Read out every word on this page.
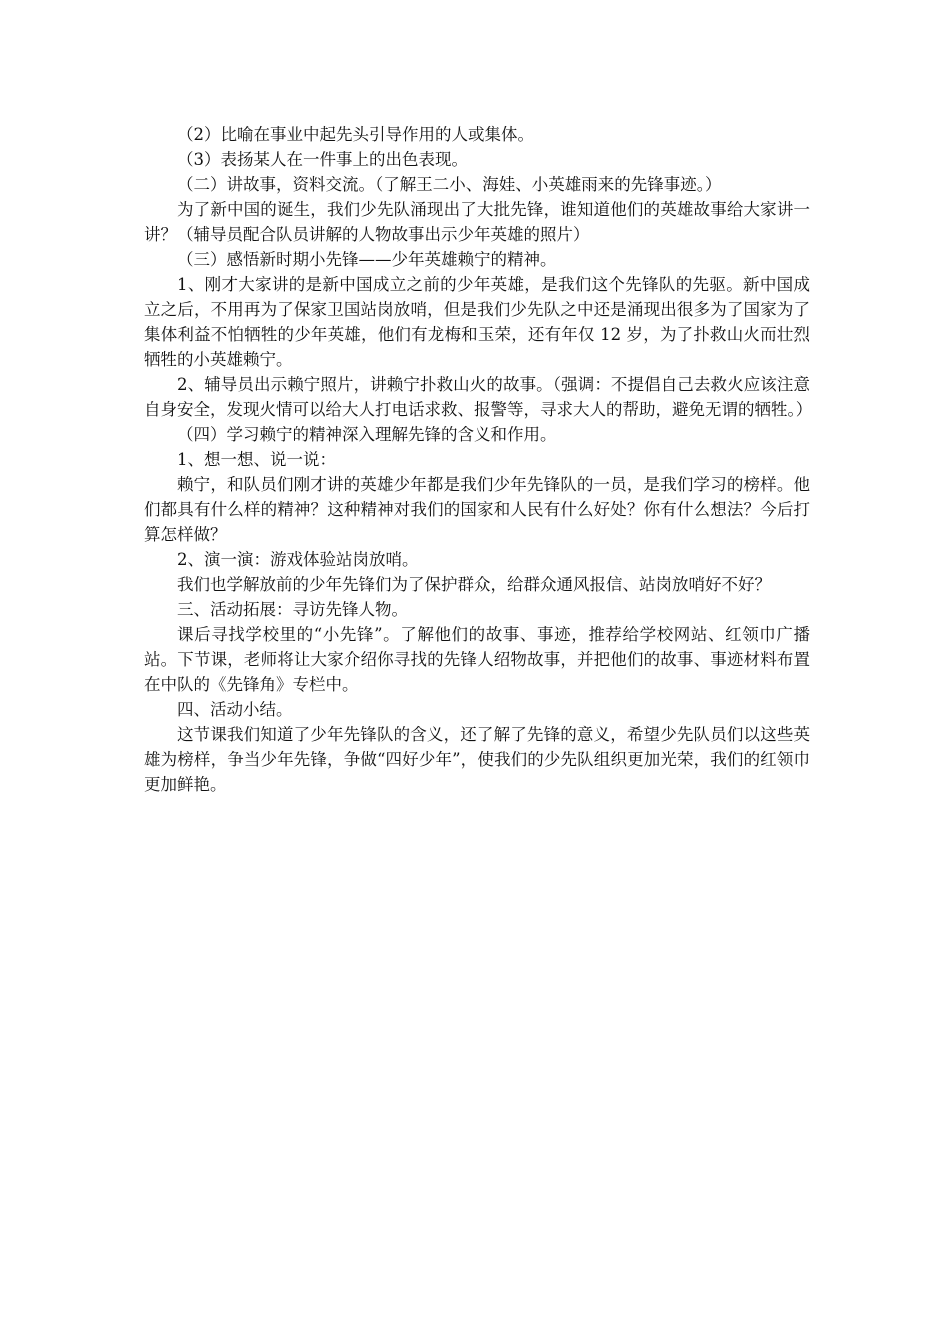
（2）比喻在事业中起先头引导作用的人或集体。

（3）表扬某人在一件事上的出色表现。

（二）讲故事，资料交流。（了解王二小、海娃、小英雄雨来的先锋事迹。）

为了新中国的诞生，我们少先队涌现出了大批先锋，谁知道他们的英雄故事给大家讲一讲？（辅导员配合队员讲解的人物故事出示少年英雄的照片）

（三）感悟新时期小先锋——少年英雄赖宁的精神。

1、刚才大家讲的是新中国成立之前的少年英雄，是我们这个先锋队的先驱。新中国成立之后，不用再为了保家卫国站岗放哨，但是我们少先队之中还是涌现出很多为了国家为了集体利益不怕牺牲的少年英雄，他们有龙梅和玉荣，还有年仅 12 岁，为了扑救山火而壮烈牺牲的小英雄赖宁。

2、辅导员出示赖宁照片，讲赖宁扑救山火的故事。（强调：不提倡自己去救火应该注意自身安全，发现火情可以给大人打电话求救、报警等，寻求大人的帮助，避免无谓的牺牲。）

（四）学习赖宁的精神深入理解先锋的含义和作用。

1、想一想、说一说：

赖宁，和队员们刚才讲的英雄少年都是我们少年先锋队的一员，是我们学习的榜样。他们都具有什么样的精神？这种精神对我们的国家和人民有什么好处？你有什么想法？今后打算怎样做？

2、演一演：游戏体验站岗放哨。

我们也学解放前的少年先锋们为了保护群众，给群众通风报信、站岗放哨好不好？

三、活动拓展：寻访先锋人物。

课后寻找学校里的“小先锋”。了解他们的故事、事迹，推荐给学校网站、红领巾广播站。下节课，老师将让大家介绍你寻找的先锋人绍物故事，并把他们的故事、事迹材料布置在中队的《先锋角》专栏中。

四、活动小结。

这节课我们知道了少年先锋队的含义，还了解了先锋的意义，希望少先队员们以这些英雄为榜样，争当少年先锋，争做“四好少年”，使我们的少先队组织更加光荣，我们的红领巾更加鲜艳。
